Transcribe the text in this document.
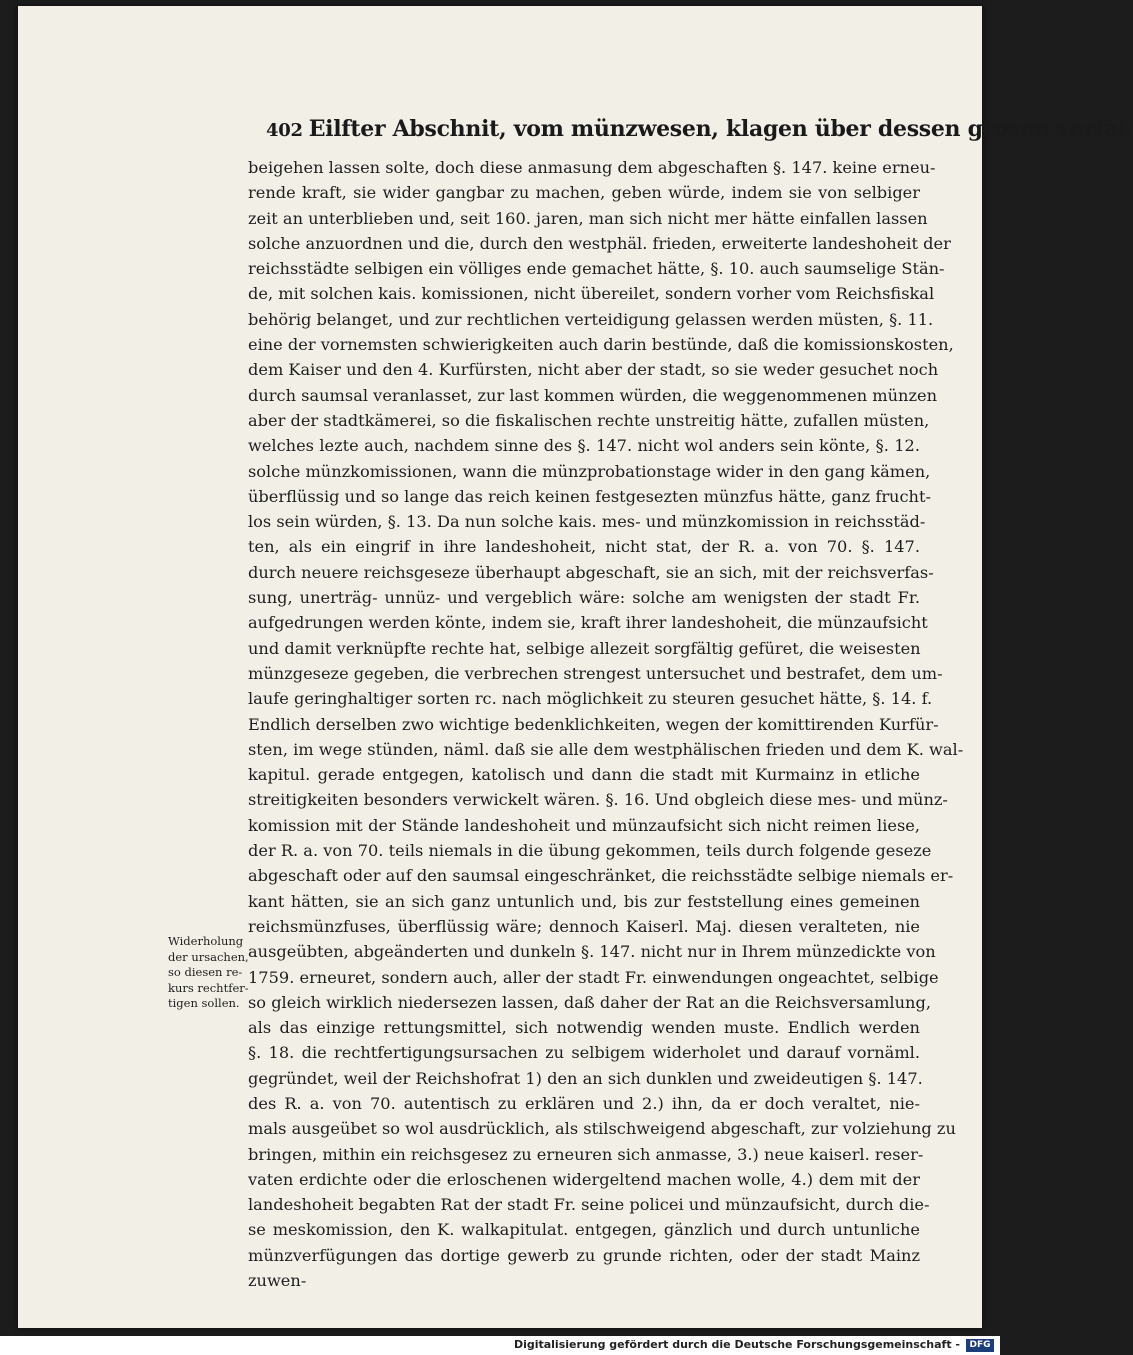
402 Eilfter Abschnit, vom münzwesen, klagen über dessen grosen verfal,
beigehen lassen solte, doch diese anmasung dem abgeschaften §. 147. keine erneu-
rende kraft, sie wider gangbar zu machen, geben würde, indem sie von selbiger
zeit an unterblieben und, seit 160. jaren, man sich nicht mer hätte einfallen lassen
solche anzuordnen und die, durch den westphäl. frieden, erweiterte landeshoheit der
reichsstädte selbigen ein völliges ende gemachet hätte, §. 10. auch saumselige Stän-
de, mit solchen kais. komissionen, nicht übereilet, sondern vorher vom Reichsfiskal
behörig belanget, und zur rechtlichen verteidigung gelassen werden müsten, §. 11.
eine der vornemsten schwierigkeiten auch darin bestünde, daß die komissionskosten,
dem Kaiser und den 4. Kurfürsten, nicht aber der stadt, so sie weder gesuchet noch
durch saumsal veranlasset, zur last kommen würden, die weggenommenen münzen
aber der stadtkämerei, so die fiskalischen rechte unstreitig hätte, zufallen müsten,
welches lezte auch, nachdem sinne des §. 147. nicht wol anders sein könte, §. 12.
solche münzkomissionen, wann die münzprobationstage wider in den gang kämen,
überflüssig und so lange das reich keinen festgesezten münzfus hätte, ganz frucht-
los sein würden, §. 13. Da nun solche kais. mes- und münzkomission in reichsstäd-
ten, als ein eingrif in ihre landeshoheit, nicht stat, der R. a. von 70. §. 147.
durch neuere reichsgeseze überhaupt abgeschaft, sie an sich, mit der reichsverfas-
sung, unerträg- unnüz- und vergeblich wäre: solche am wenigsten der stadt Fr.
aufgedrungen werden könte, indem sie, kraft ihrer landeshoheit, die münzaufsicht
und damit verknüpfte rechte hat, selbige allezeit sorgfältig gefüret, die weisesten
münzgeseze gegeben, die verbrechen strengest untersuchet und bestrafet, dem um-
laufe geringhaltiger sorten rc. nach möglichkeit zu steuren gesuchet hätte, §. 14. f.
Endlich derselben zwo wichtige bedenklichkeiten, wegen der komittirenden Kurfür-
sten, im wege stünden, näml. daß sie alle dem westphälischen frieden und dem K. wal-
kapitul. gerade entgegen, katolisch und dann die stadt mit Kurmainz in etliche
streitigkeiten besonders verwickelt wären. §. 16. Und obgleich diese mes- und münz-
komission mit der Stände landeshoheit und münzaufsicht sich nicht reimen liese,
der R. a. von 70. teils niemals in die übung gekommen, teils durch folgende geseze
abgeschaft oder auf den saumsal eingeschränket, die reichsstädte selbige niemals er-
kant hätten, sie an sich ganz untunlich und, bis zur feststellung eines gemeinen
reichsmünzfuses, überflüssig wäre; dennoch Kaiserl. Maj. diesen veralteten, nie
ausgeübten, abgeänderten und dunkeln §. 147. nicht nur in Ihrem münzedickte von
1759. erneuret, sondern auch, aller der stadt Fr. einwendungen ongeachtet, selbige
so gleich wirklich niedersezen lassen, daß daher der Rat an die Reichsversamlung,
als das einzige rettungsmittel, sich notwendig wenden muste. Endlich werden
§. 18. die rechtfertigungsursachen zu selbigem widerholet und darauf vornäml.
gegründet, weil der Reichshofrat 1) den an sich dunklen und zweideutigen §. 147.
des R. a. von 70. autentisch zu erklären und 2.) ihn, da er doch veraltet, nie-
mals ausgeübet so wol ausdrücklich, als stilschweigend abgeschaft, zur volziehung zu
bringen, mithin ein reichsgesez zu erneuren sich anmasse, 3.) neue kaiserl. reser-
vaten erdichte oder die erloschenen widergeltend machen wolle, 4.) dem mit der
landeshoheit begabten Rat der stadt Fr. seine policei und münzaufsicht, durch die-
se meskomission, den K. walkapitulat. entgegen, gänzlich und durch untunliche
münzverfügungen das dortige gewerb zu grunde richten, oder der stadt Mainz
zuwen-
Widerholung
der ursachen,
so diesen re-
kurs rechtfer-
tigen sollen.
Digitalisierung gefördert durch die Deutsche Forschungsgemeinschaft -	DFG
